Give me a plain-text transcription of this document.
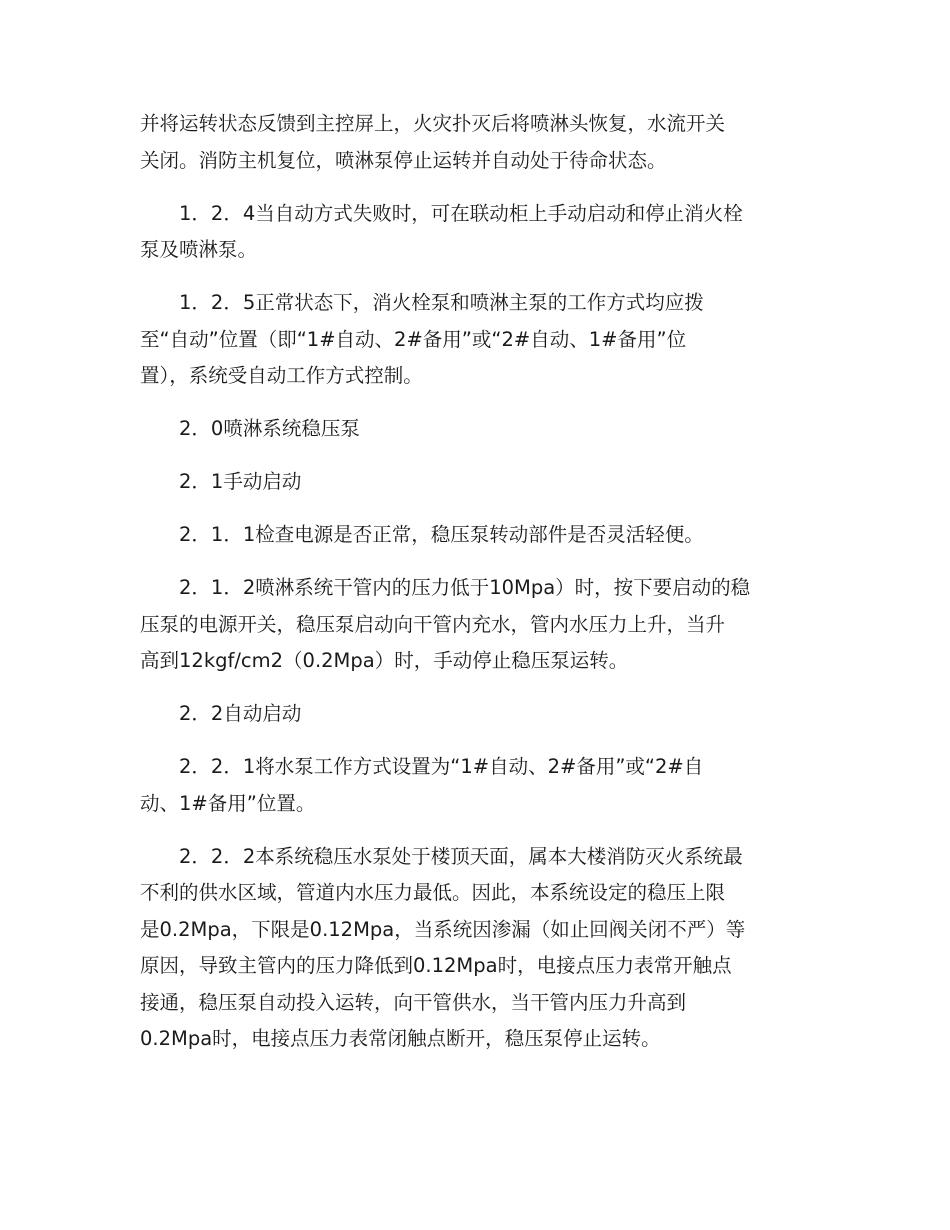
并将运转状态反馈到主控屏上，火灾扑灭后将喷淋头恢复，水流开关
关闭。消防主机复位，喷淋泵停止运转并自动处于待命状态。

1．2．4当自动方式失败时，可在联动柜上手动启动和停止消火栓
泵及喷淋泵。

1．2．5正常状态下，消火栓泵和喷淋主泵的工作方式均应拨
至“自动”位置（即“1#自动、2#备用”或“2#自动、1#备用”位
置），系统受自动工作方式控制。

2．0喷淋系统稳压泵

2．1手动启动

2．1．1检查电源是否正常，稳压泵转动部件是否灵活轻便。

2．1．2喷淋系统干管内的压力低于10Mpa）时，按下要启动的稳
压泵的电源开关，稳压泵启动向干管内充水，管内水压力上升，当升
高到12kgf/cm2（0.2Mpa）时，手动停止稳压泵运转。

2．2自动启动

2．2．1将水泵工作方式设置为“1#自动、2#备用”或“2#自
动、1#备用”位置。

2．2．2本系统稳压水泵处于楼顶天面，属本大楼消防灭火系统最
不利的供水区域，管道内水压力最低。因此，本系统设定的稳压上限
是0.2Mpa，下限是0.12Mpa，当系统因渗漏（如止回阀关闭不严）等
原因，导致主管内的压力降低到0.12Mpa时，电接点压力表常开触点
接通，稳压泵自动投入运转，向干管供水，当干管内压力升高到
0.2Mpa时，电接点压力表常闭触点断开，稳压泵停止运转。
